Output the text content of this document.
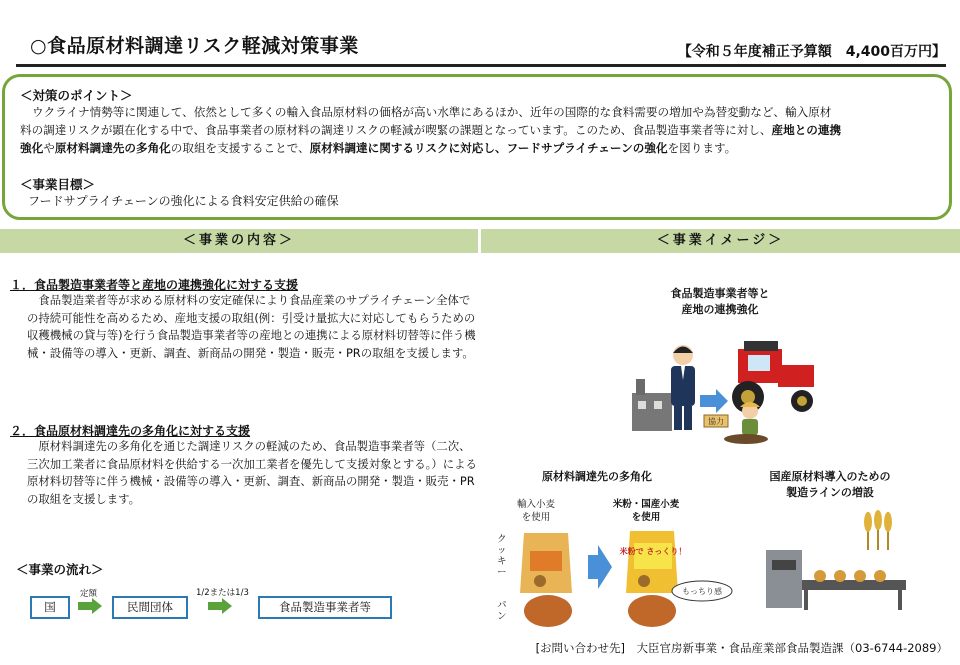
○食品原材料調達リスク軽減対策事業	【令和５年度補正予算額　4,400百万円】
＜対策のポイント＞
ウクライナ情勢等に関連して、依然として多くの輸入食品原材料の価格が高い水準にあるほか、近年の国際的な食料需要の増加や為替変動など、輸入原材
料の調達リスクが顕在化する中で、食品事業者の原材料の調達リスクの軽減が喫緊の課題となっています。このため、食品製造事業者等に対し、産地との連携
強化や原材料調達先の多角化の取組を支援することで、原材料調達に関するリスクに対応し、フードサプライチェーンの強化を図ります。
＜事業目標＞
フードサプライチェーンの強化による食料安定供給の確保
＜事業の内容＞	＜事業イメージ＞
１．食品製造事業者等と産地の連携強化に対する支援
　食品製造業者等が求める原材料の安定確保により食品産業のサプライチェーン全体での持続可能性を高めるため、産地支援の取組(例：引受け量拡大に対応してもらうための収穫機械の貸与等)を行う食品製造事業者等の産地との連携による原材料切替等に伴う機械・設備等の導入・更新、調査、新商品の開発・製造・販売・PRの取組を支援します。
２．食品原材料調達先の多角化に対する支援
　原材料調達先の多角化を通じた調達リスクの軽減のため、食品製造事業者等（二次、三次加工業者に食品原材料を供給する一次加工業者を優先して支援対象とする。）による原材料切替等に伴う機械・設備等の導入・更新、調査、新商品の開発・製造・販売・PRの取組を支援します。
＜事業の流れ＞
国	民間団体	食品製造事業者等
定額	1/2または1/3
食品製造事業者等と
産地の連携強化
協力
原材料調達先の多角化	国産原材料導入のための
製造ラインの増設
輸入小麦
を使用
米粉・国産小麦
を使用
クッキー
パン
米粉で さっくり！
もっちり感
[お問い合わせ先]　大臣官房新事業・食品産業部食品製造課（03-6744-2089）
